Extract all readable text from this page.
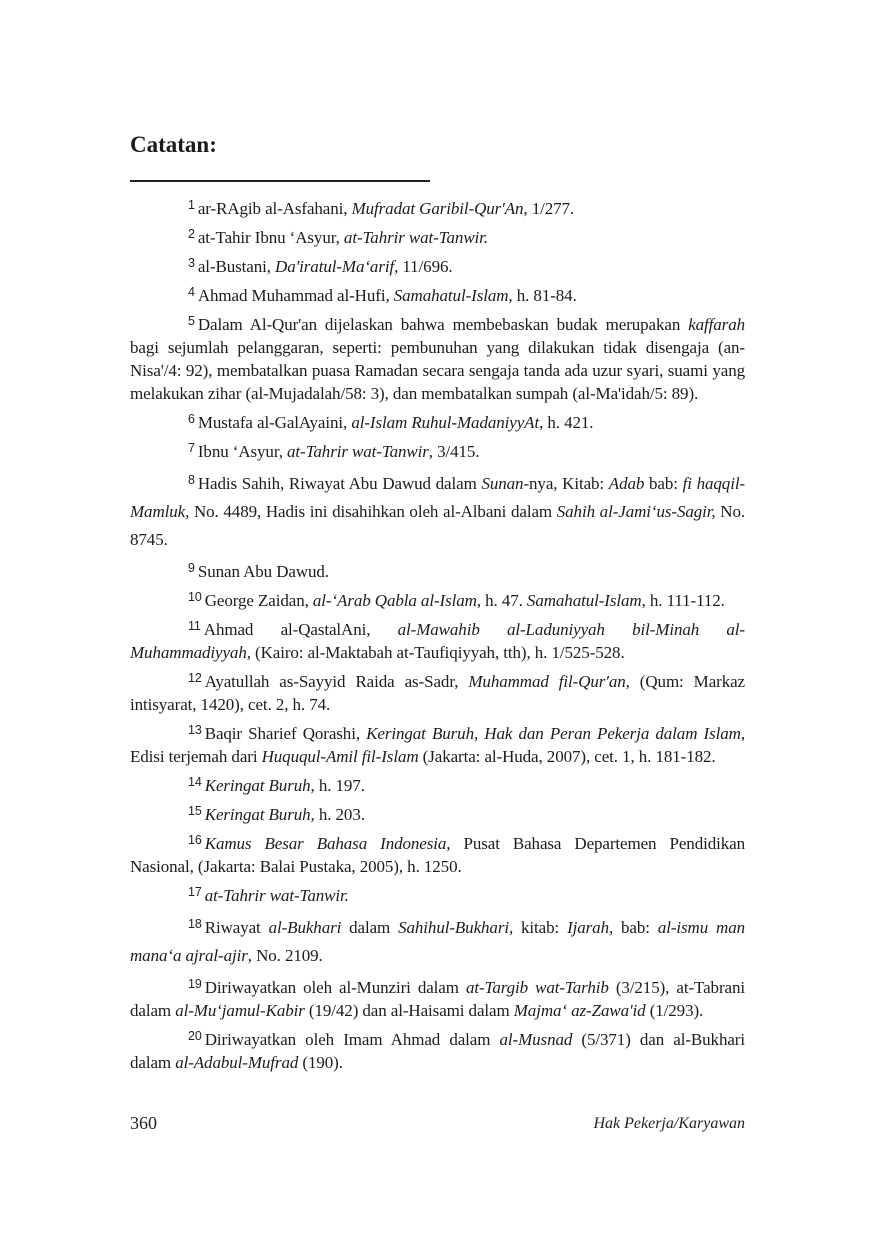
Catatan:

$^1$ ar-RAgib al-Asfahani, Mufradat Garibil-Qur'An, 1/277.

$^2$ at-Tahir Ibnu ‘Asyur, at-Tahrir wat-Tanwir.

$^3$ al-Bustani, Da'iratul-Ma‘arif, 11/696.

$^4$ Ahmad Muhammad al-Hufi, Samahatul-Islam, h. 81-84.

$^5$ Dalam Al-Qur'an dijelaskan bahwa membebaskan budak merupakan kaffarah bagi sejumlah pelanggaran, seperti: pembunuhan yang dilakukan tidak disengaja (an-Nisa'/4: 92), membatalkan puasa Ramadan secara sengaja tanda ada uzur syari, suami yang melakukan zihar (al-Mujadalah/58: 3), dan membatalkan sumpah (al-Ma'idah/5: 89).

$^6$ Mustafa al-GalAyaini, al-Islam Ruhul-MadaniyyAt, h. 421.

$^7$ Ibnu ‘Asyur, at-Tahrir wat-Tanwir, 3/415.

$^8$ Hadis Sahih, Riwayat Abu Dawud dalam Sunan-nya, Kitab: Adab bab: fi haqqil-Mamluk, No. 4489, Hadis ini disahihkan oleh al-Albani dalam Sahih al-Jami‘us-Sagir, No. 8745.

$^9$ Sunan Abu Dawud.

$^{10}$ George Zaidan, al-‘Arab Qabla al-Islam, h. 47. Samahatul-Islam, h. 111-112.

$^{11}$ Ahmad al-QastalAni, al-Mawahib al-Laduniyyah bil-Minah al-Muhammadiyyah, (Kairo: al-Maktabah at-Taufiqiyyah, tth), h. 1/525-528.

$^{12}$ Ayatullah as-Sayyid Raida as-Sadr, Muhammad fil-Qur'an, (Qum: Markaz intisyarat, 1420), cet. 2, h. 74.

$^{13}$ Baqir Sharief Qorashi, Keringat Buruh, Hak dan Peran Pekerja dalam Islam, Edisi terjemah dari Huququl-Amil fil-Islam (Jakarta: al-Huda, 2007), cet. 1, h. 181-182.

$^{14}$ Keringat Buruh, h. 197.

$^{15}$ Keringat Buruh, h. 203.

$^{16}$ Kamus Besar Bahasa Indonesia, Pusat Bahasa Departemen Pendidikan Nasional, (Jakarta: Balai Pustaka, 2005), h. 1250.

$^{17}$ at-Tahrir wat-Tanwir.

$^{18}$ Riwayat al-Bukhari dalam Sahihul-Bukhari, kitab: Ijarah, bab: al-ismu man mana‘a ajral-ajir, No. 2109.

$^{19}$ Diriwayatkan oleh al-Munziri dalam at-Targib wat-Tarhib (3/215), at-Tabrani dalam al-Mu‘jamul-Kabir (19/42) dan al-Haisami dalam Majma‘ az-Zawa'id (1/293).

$^{20}$ Diriwayatkan oleh Imam Ahmad dalam al-Musnad (5/371) dan al-Bukhari dalam al-Adabul-Mufrad (190).

360	Hak Pekerja/Karyawan
